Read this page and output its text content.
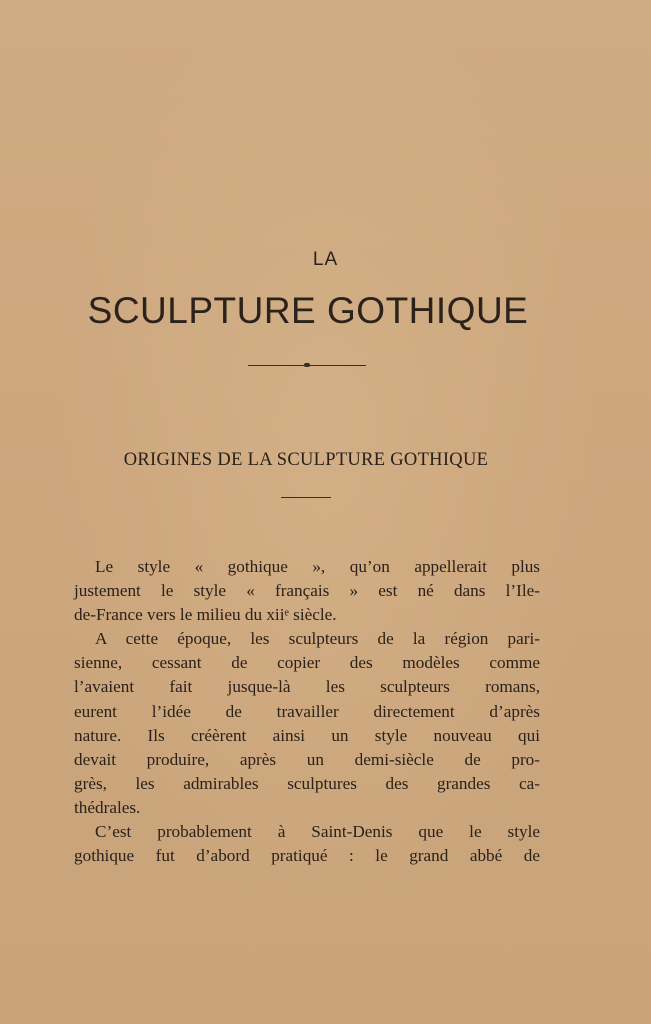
LA
SCULPTURE GOTHIQUE
ORIGINES DE LA SCULPTURE GOTHIQUE
Le style « gothique », qu’on appellerait plus
justement le style « français » est né dans l’Ile-
de-France vers le milieu du xiiᵉ siècle.
A cette époque, les sculpteurs de la région pari-
sienne, cessant de copier des modèles comme
l’avaient fait jusque-là les sculpteurs romans,
eurent l’idée de travailler directement d’après
nature. Ils créèrent ainsi un style nouveau qui
devait produire, après un demi-siècle de pro-
grès, les admirables sculptures des grandes ca-
thédrales.
C’est probablement à Saint-Denis que le style
gothique fut d’abord pratiqué : le grand abbé de
